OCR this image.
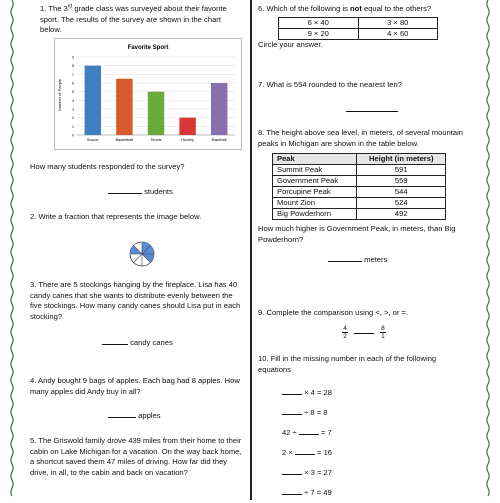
1. The 3rd grade class was surveyed about their favorite sport. The results of the survey are shown in the chart below.
Favorite Sport
Number of People
0
1
2
3
4
5
6
7
8
9
Soccer	Basketball	Tennis	Hockey	Baseball
How many students responded to the survey?
students
2. Write a fraction that represents the image below.
3. There are 5 stockings hanging by the fireplace. Lisa has 40 candy canes that she wants to distribute evenly between the five stockings. How many candy canes should Lisa put in each stocking?
candy canes
4. Andy bought 9 bags of apples. Each bag had 8 apples. How many apples did Andy buy in all?
apples
5. The Griswold family drove 439 miles from their home to their cabin on Lake Michigan for a vacation. On the way back home, a shortcut saved them 47 miles of driving. How far did they drive, in all, to the cabin and back on vacation?
6. Which of the following is not equal to the others?
6 × 40	3 × 80
9 × 20	4 × 60
Circle your answer.
7. What is 554 rounded to the nearest ten?
8. The height above sea level, in meters, of several mountain peaks in Michigan are shown in the table below.
Peak	Height (in meters)
Summit Peak	591
Government Peak	559
Porcupine Peak	544
Mount Zion	524
Big Powderhorn	492
How much higher is Government Peak, in meters, than Big Powderhorn?
meters
9. Complete the comparison using <, >, or =.
$\frac{4}{2}$
	$\frac{8}{1}$
10. Fill in the missing number in each of the following equations
× 4 = 28
÷ 8 = 8
42 ÷	= 7
2 ×	= 16
× 3 = 27
÷ 7 = 49
